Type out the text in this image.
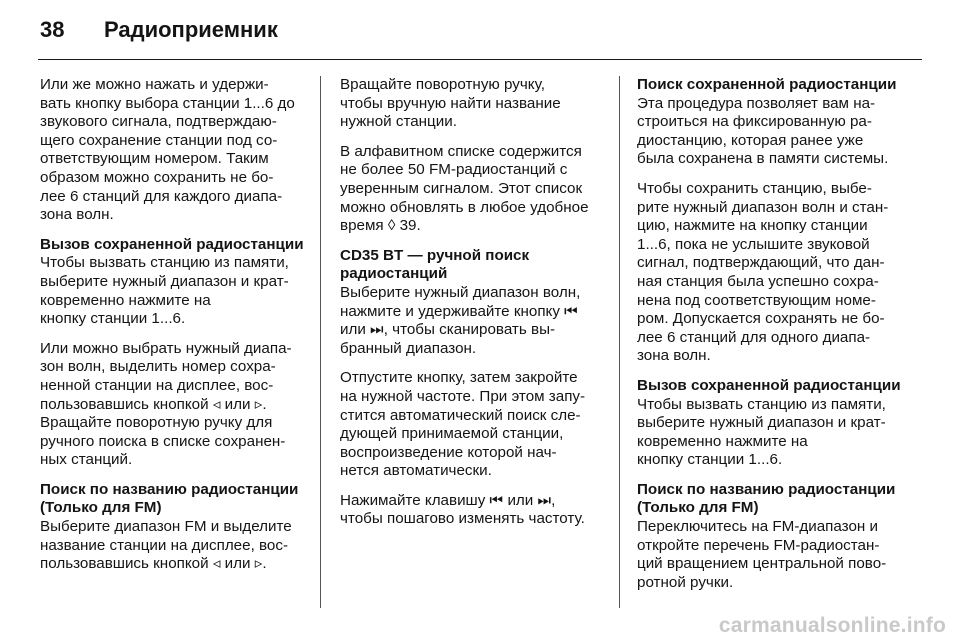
38	Радиоприемник
Или же можно нажать и удержи-
вать кнопку выбора станции 1...6 до
звукового сигнала, подтверждаю-
щего сохранение станции под со-
ответствующим номером. Таким
образом можно сохранить не бо-
лее 6 станций для каждого диапа-
зона волн.
Вызов сохраненной радиостанции
Чтобы вызвать станцию из памяти,
выберите нужный диапазон и крат-
ковременно нажмите на
кнопку станции 1...6.
Или можно выбрать нужный диапа-
зон волн, выделить номер сохра-
ненной станции на дисплее, вос-
пользовавшись кнопкой ◃ или ▹.
Вращайте поворотную ручку для
ручного поиска в списке сохранен-
ных станций.
Поиск по названию радиостанции
(Только для FM)
Выберите диапазон FM и выделите
название станции на дисплее, вос-
пользовавшись кнопкой ◃ или ▹.
Вращайте поворотную ручку,
чтобы вручную найти название
нужной станции.
В алфавитном списке содержится
не более 50 FM-радиостанций с
уверенным сигналом. Этот список
можно обновлять в любое удобное
время ◊ 39.
CD35 BT — ручной поиск
радиостанций
Выберите нужный диапазон волн,
нажмите и удерживайте кнопку ⏮
или ⏭, чтобы сканировать вы-
бранный диапазон.
Отпустите кнопку, затем закройте
на нужной частоте. При этом запу-
стится автоматический поиск сле-
дующей принимаемой станции,
воспроизведение которой нач-
нется автоматически.
Нажимайте клавишу ⏮ или ⏭,
чтобы пошагово изменять частоту.
Поиск сохраненной радиостанции
Эта процедура позволяет вам на-
строиться на фиксированную ра-
диостанцию, которая ранее уже
была сохранена в памяти системы.
Чтобы сохранить станцию, выбе-
рите нужный диапазон волн и стан-
цию, нажмите на кнопку станции
1...6, пока не услышите звуковой
сигнал, подтверждающий, что дан-
ная станция была успешно сохра-
нена под соответствующим номе-
ром. Допускается сохранять не бо-
лее 6 станций для одного диапа-
зона волн.
Вызов сохраненной радиостанции
Чтобы вызвать станцию из памяти,
выберите нужный диапазон и крат-
ковременно нажмите на
кнопку станции 1...6.
Поиск по названию радиостанции
(Только для FM)
Переключитесь на FM-диапазон и
откройте перечень FM-радиостан-
ций вращением центральной пово-
ротной ручки.
carmanualsonline.info
